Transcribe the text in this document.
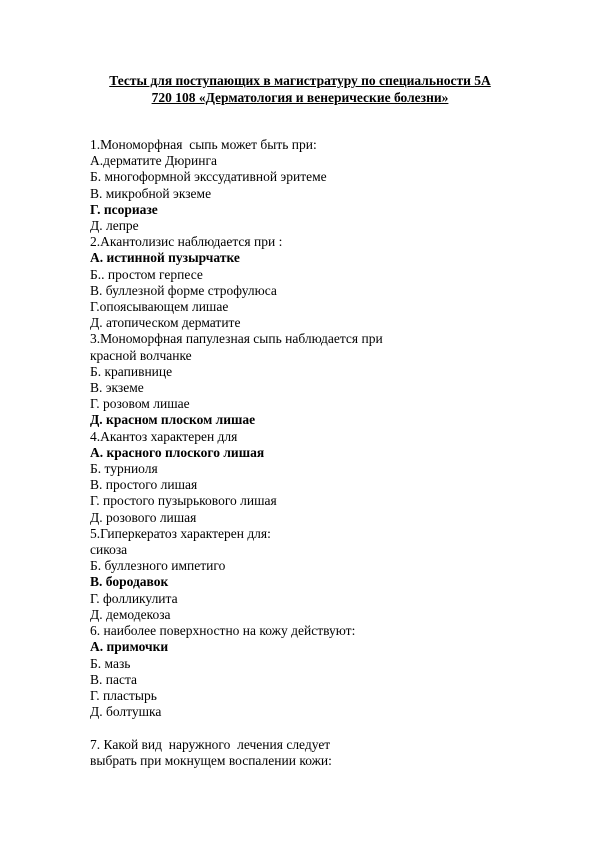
Тесты для поступающих в магистратуру по специальности 5А
720 108 «Дерматология и венерические болезни»
1.Мономорфная  сыпь может быть при:
А.дерматите Дюринга
Б. многоформной экссудативной эритеме
В. микробной экземе
Г. псориазе
Д. лепре
2.Акантолизис наблюдается при :
А. истинной пузырчатке
Б.. простом герпесе
В. буллезной форме строфулюса
Г.опоясывающем лишае
Д. атопическом дерматите
3.Мономорфная папулезная сыпь наблюдается при
красной волчанке
Б. крапивнице
В. экземе
Г. розовом лишае
Д. красном плоском лишае
4.Акантоз характерен для
А. красного плоского лишая
Б. турниоля
В. простого лишая
Г. простого пузырькового лишая
Д. розового лишая
5.Гиперкератоз характерен для:
сикоза
Б. буллезного импетиго
В. бородавок
Г. фолликулита
Д. демодекоза
6. наиболее поверхностно на кожу действуют:
А. примочки
Б. мазь
В. паста
Г. пластырь
Д. болтушка
7. Какой вид  наружного  лечения следует
выбрать при мокнущем воспалении кожи:
